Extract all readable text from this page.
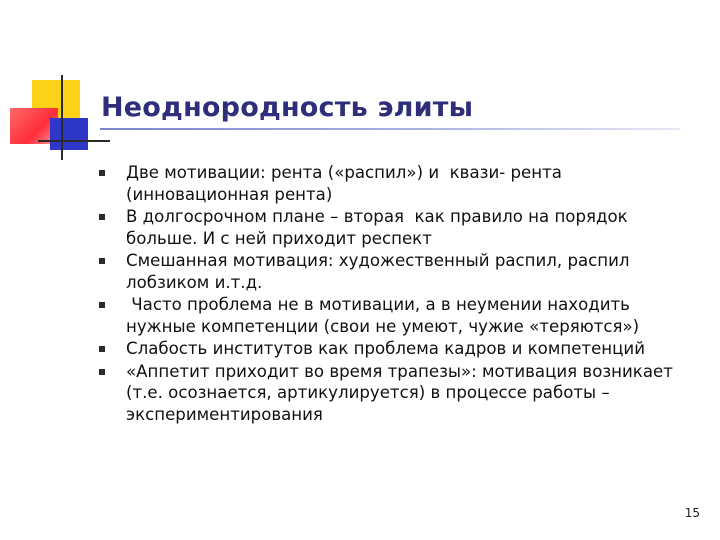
Неоднородность элиты
Две мотивации: рента («распил») и  квази- рента (инновационная рента)
В долгосрочном плане – вторая  как правило на порядок больше. И с ней приходит респект
Смешанная мотивация: художественный распил, распил лобзиком и.т.д.
Часто проблема не в мотивации, а в неумении находить нужные компетенции (свои не умеют, чужие «теряются»)
Слабость институтов как проблема кадров и компетенций
«Аппетит приходит во время трапезы»: мотивация возникает (т.е. осознается, артикулируется) в процессе работы – экспериментирования
15
